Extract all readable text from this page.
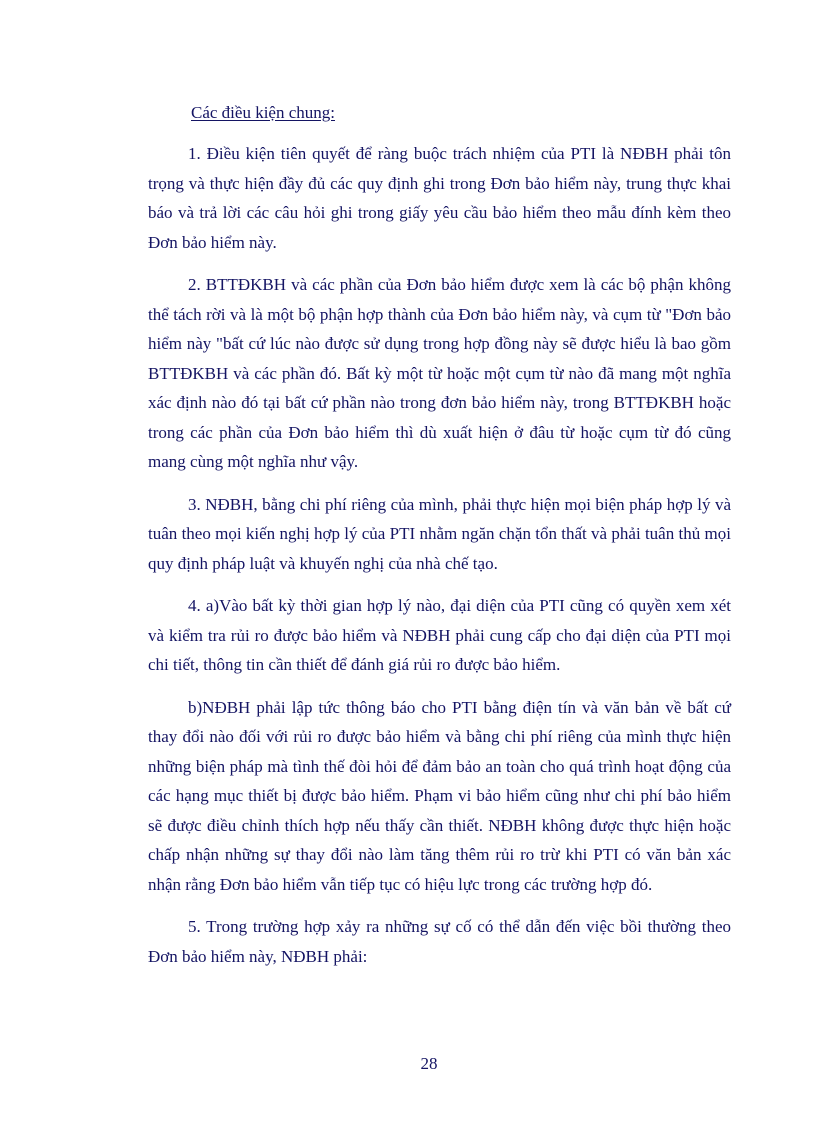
Các điều kiện chung:

1. Điều kiện tiên quyết để ràng buộc trách nhiệm của PTI là NĐBH phải tôn trọng và thực hiện đầy đủ các quy định ghi trong Đơn bảo hiểm này, trung thực khai báo và trả lời các câu hỏi ghi trong giấy yêu cầu bảo hiểm theo mẫu đính kèm theo Đơn bảo hiểm này.

2. BTTĐKBH và các phần của Đơn bảo hiểm được xem là các bộ phận không thể tách rời và là một bộ phận hợp thành của Đơn bảo hiểm này, và cụm từ "Đơn bảo hiểm này "bất cứ lúc nào được sử dụng trong hợp đồng này sẽ được hiểu là bao gồm BTTĐKBH và các phần đó. Bất kỳ một từ hoặc một cụm từ nào đã mang một nghĩa xác định nào đó tại bất cứ phần nào trong đơn bảo hiểm này, trong BTTĐKBH hoặc trong các phần của Đơn bảo hiểm thì dù xuất hiện ở đâu từ hoặc cụm từ đó cũng mang cùng một nghĩa như vậy.

3. NĐBH, bằng chi phí riêng của mình, phải thực hiện mọi biện pháp hợp lý và tuân theo mọi kiến nghị hợp lý của PTI nhằm ngăn chặn tổn thất và phải tuân thủ mọi quy định pháp luật và khuyến nghị của nhà chế tạo.

4. a)Vào bất kỳ thời gian hợp lý nào, đại diện của PTI cũng có quyền xem xét và kiểm tra rủi ro được bảo hiểm và NĐBH phải cung cấp cho đại diện của PTI mọi chi tiết, thông tin cần thiết để đánh giá rủi ro được bảo hiểm.

b)NĐBH phải lập tức thông báo cho PTI bằng điện tín và văn bản về bất cứ thay đổi nào đối với rủi ro được bảo hiểm và bằng chi phí riêng của mình thực hiện những biện pháp mà tình thế đòi hỏi để đảm bảo an toàn cho quá trình hoạt động của các hạng mục thiết bị được bảo hiểm. Phạm vi bảo hiểm cũng như chi phí bảo hiểm sẽ được điều chỉnh thích hợp nếu thấy cần thiết. NĐBH không được thực hiện hoặc chấp nhận những sự thay đổi nào làm tăng thêm rủi ro trừ khi PTI có văn bản xác nhận rằng Đơn bảo hiểm vẫn tiếp tục có hiệu lực trong các trường hợp đó.

5. Trong trường hợp xảy ra những sự cố có thể dẫn đến việc bồi thường theo Đơn bảo hiểm này, NĐBH phải:

28
